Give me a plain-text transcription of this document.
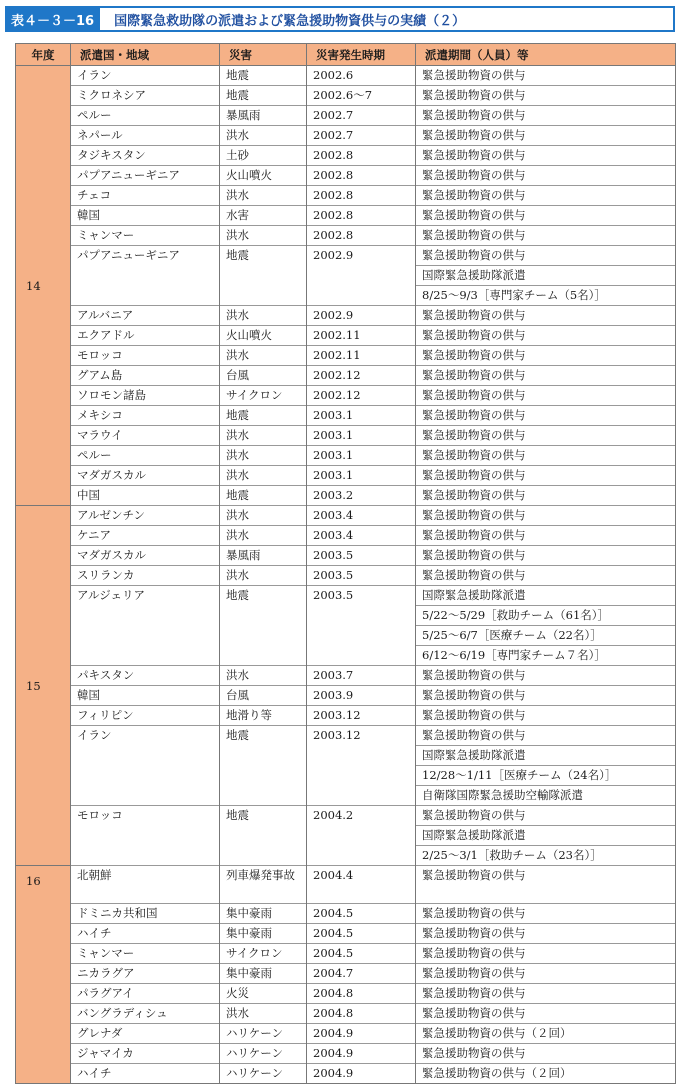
表４－３－16	国際緊急救助隊の派遣および緊急援助物資供与の実績（２）
年度	派遣国・地域	災害	災害発生時期	派遣期間（人員）等
14	イラン	地震	2002.6	緊急援助物資の供与

	ミクロネシア	地震	2002.6～7	緊急援助物資の供与

	ペルー	暴風雨	2002.7	緊急援助物資の供与

	ネパール	洪水	2002.7	緊急援助物資の供与

	タジキスタン	土砂	2002.8	緊急援助物資の供与

	パプアニューギニア	火山噴火	2002.8	緊急援助物資の供与

	チェコ	洪水	2002.8	緊急援助物資の供与

	韓国	水害	2002.8	緊急援助物資の供与

	ミャンマー	洪水	2002.8	緊急援助物資の供与

	パプアニューギニア	地震	2002.9	緊急援助物資の供与
国際緊急援助隊派遣
8/25～9/3［専門家チーム（5名）］

	アルバニア	洪水	2002.9	緊急援助物資の供与

	エクアドル	火山噴火	2002.11	緊急援助物資の供与

	モロッコ	洪水	2002.11	緊急援助物資の供与

	グアム島	台風	2002.12	緊急援助物資の供与

	ソロモン諸島	サイクロン	2002.12	緊急援助物資の供与

	メキシコ	地震	2003.1	緊急援助物資の供与

	マラウイ	洪水	2003.1	緊急援助物資の供与

	ペルー	洪水	2003.1	緊急援助物資の供与

	マダガスカル	洪水	2003.1	緊急援助物資の供与

	中国	地震	2003.2	緊急援助物資の供与

15	アルゼンチン	洪水	2003.4	緊急援助物資の供与

	ケニア	洪水	2003.4	緊急援助物資の供与

	マダガスカル	暴風雨	2003.5	緊急援助物資の供与

	スリランカ	洪水	2003.5	緊急援助物資の供与

	アルジェリア	地震	2003.5	国際緊急援助隊派遣
5/22～5/29［救助チーム（61名）］
5/25～6/7［医療チーム（22名）］
6/12～6/19［専門家チーム７名）］

	パキスタン	洪水	2003.7	緊急援助物資の供与

	韓国	台風	2003.9	緊急援助物資の供与

	フィリピン	地滑り等	2003.12	緊急援助物資の供与

	イラン	地震	2003.12	緊急援助物資の供与
国際緊急援助隊派遣
12/28～1/11［医療チーム（24名）］
自衛隊国際緊急援助空輸隊派遣

	モロッコ	地震	2004.2	緊急援助物資の供与
国際緊急援助隊派遣
2/25～3/1［救助チーム（23名）］

16	北朝鮮	列車爆発事故	2004.4	緊急援助物資の供与

	ドミニカ共和国	集中豪雨	2004.5	緊急援助物資の供与

	ハイチ	集中豪雨	2004.5	緊急援助物資の供与

	ミャンマー	サイクロン	2004.5	緊急援助物資の供与

	ニカラグア	集中豪雨	2004.7	緊急援助物資の供与

	パラグアイ	火災	2004.8	緊急援助物資の供与

	バングラディシュ	洪水	2004.8	緊急援助物資の供与

	グレナダ	ハリケーン	2004.9	緊急援助物資の供与（２回）

	ジャマイカ	ハリケーン	2004.9	緊急援助物資の供与

	ハイチ	ハリケーン	2004.9	緊急援助物資の供与（２回）
